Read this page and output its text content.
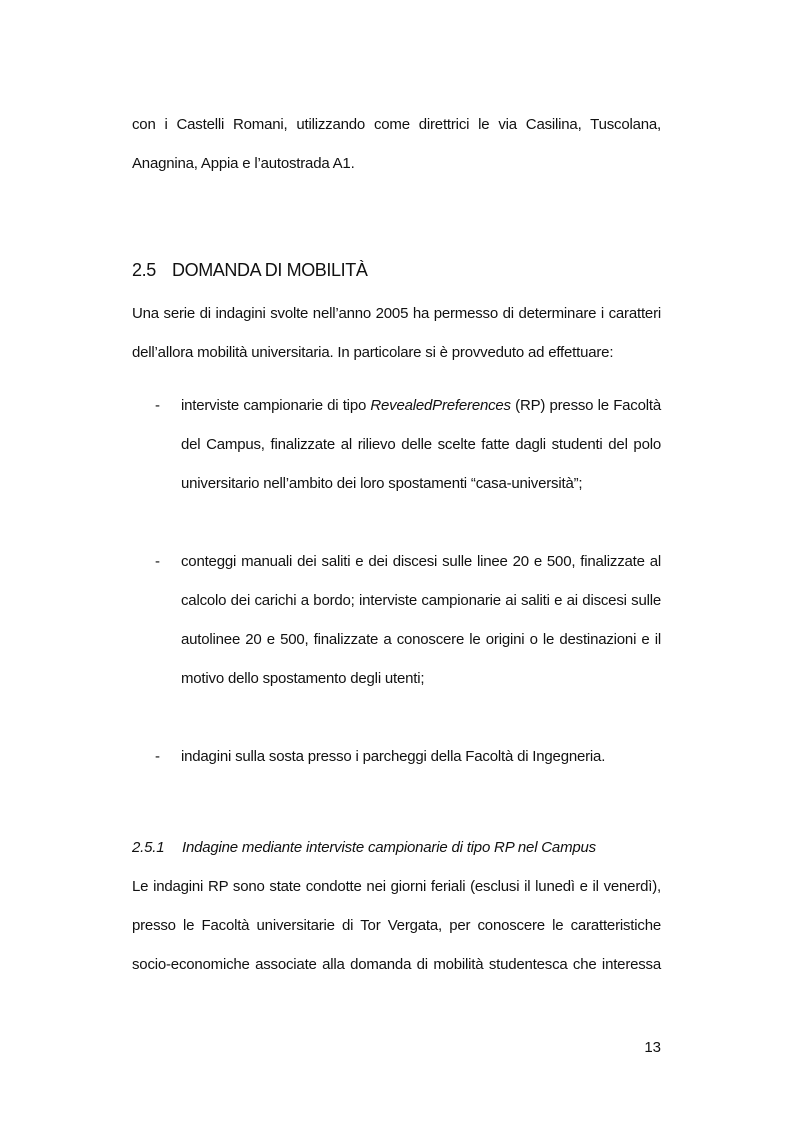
con i Castelli Romani, utilizzando come direttrici le via Casilina, Tuscolana,
Anagnina, Appia e l’autostrada A1.
2.5 DOMANDA DI MOBILITÀ
Una serie di indagini svolte nell’anno 2005 ha permesso di determinare i caratteri
dell’allora mobilità universitaria. In particolare si è provveduto ad effettuare:
- interviste campionarie di tipo RevealedPreferences (RP) presso le Facoltà
del Campus, finalizzate al rilievo delle scelte fatte dagli studenti del polo
universitario nell’ambito dei loro spostamenti “casa-università”;
- conteggi manuali dei saliti e dei discesi sulle linee 20 e 500, finalizzate al
calcolo dei carichi a bordo; interviste campionarie ai saliti e ai discesi sulle
autolinee 20 e 500, finalizzate a conoscere le origini o le destinazioni e il
motivo dello spostamento degli utenti;
- indagini sulla sosta presso i parcheggi della Facoltà di Ingegneria.
2.5.1 Indagine mediante interviste campionarie di tipo RP nel Campus
Le indagini RP sono state condotte nei giorni feriali (esclusi il lunedì e il venerdì),
presso le Facoltà universitarie di Tor Vergata, per conoscere le caratteristiche
socio-economiche associate alla domanda di mobilità studentesca che interessa
13
